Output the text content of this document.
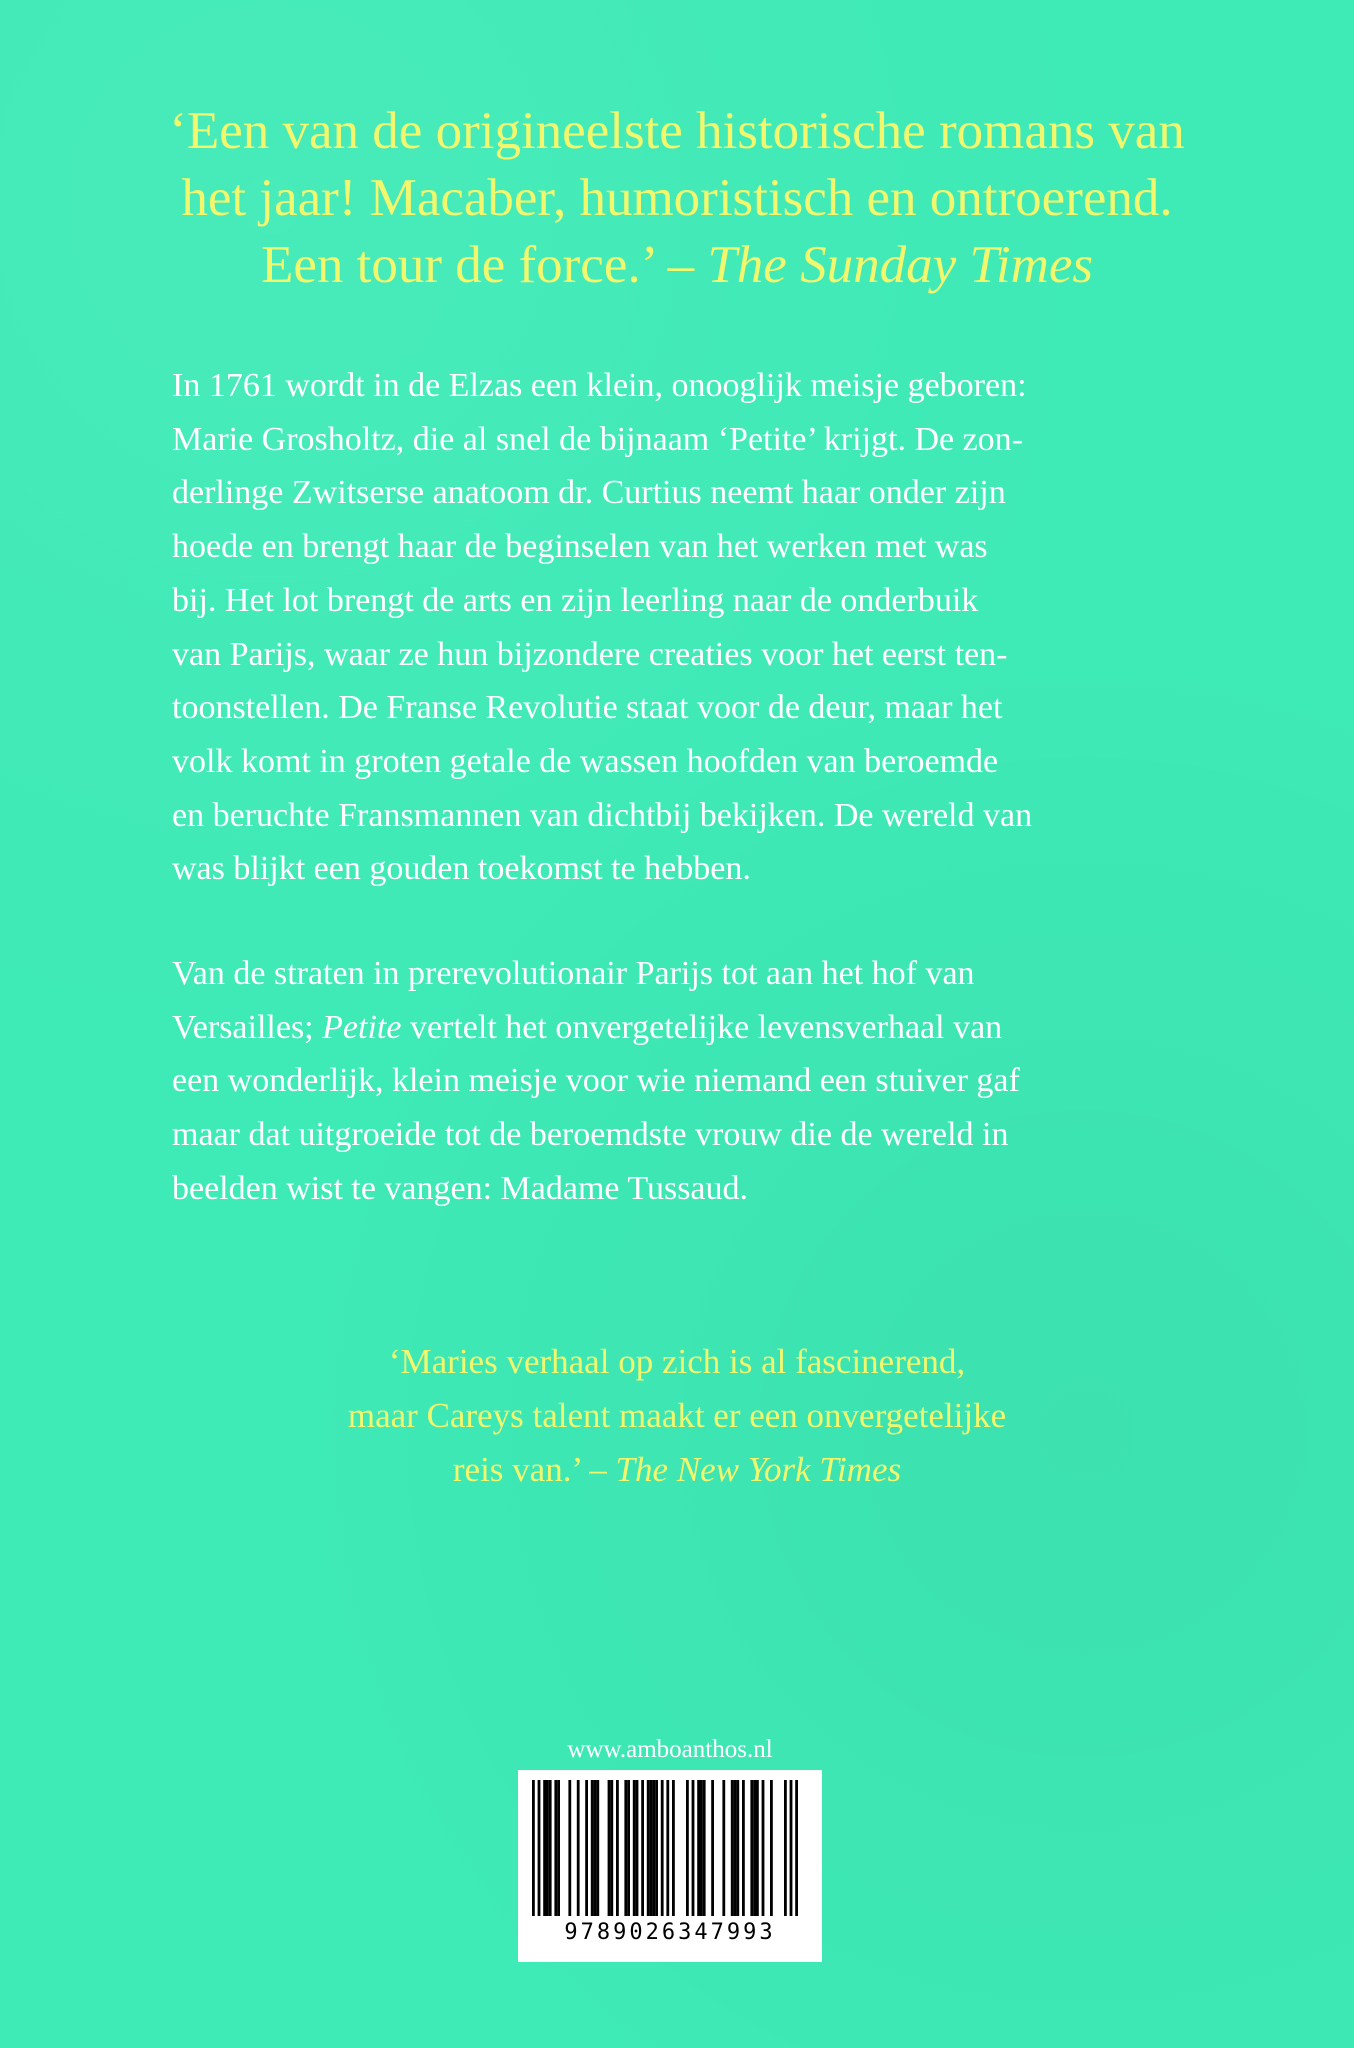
‘Een van de origineelste historische romans van
het jaar! Macaber, humoristisch en ontroerend.
Een tour de force.’ – The Sunday Times
In 1761 wordt in de Elzas een klein, onooglijk meisje geboren:
Marie Grosholtz, die al snel de bijnaam ‘Petite’ krijgt. De zon-
derlinge Zwitserse anatoom dr. Curtius neemt haar onder zijn
hoede en brengt haar de beginselen van het werken met was
bij. Het lot brengt de arts en zijn leerling naar de onderbuik
van Parijs, waar ze hun bijzondere creaties voor het eerst ten-
toonstellen. De Franse Revolutie staat voor de deur, maar het
volk komt in groten getale de wassen hoofden van beroemde
en beruchte Fransmannen van dichtbij bekijken. De wereld van
was blijkt een gouden toekomst te hebben.
Van de straten in prerevolutionair Parijs tot aan het hof van
Versailles; Petite vertelt het onvergetelijke levensverhaal van
een wonderlijk, klein meisje voor wie niemand een stuiver gaf
maar dat uitgroeide tot de beroemdste vrouw die de wereld in
beelden wist te vangen: Madame Tussaud.
‘Maries verhaal op zich is al fascinerend,
maar Careys talent maakt er een onvergetelijke
reis van.’ – The New York Times
www.amboanthos.nl
9789026347993
